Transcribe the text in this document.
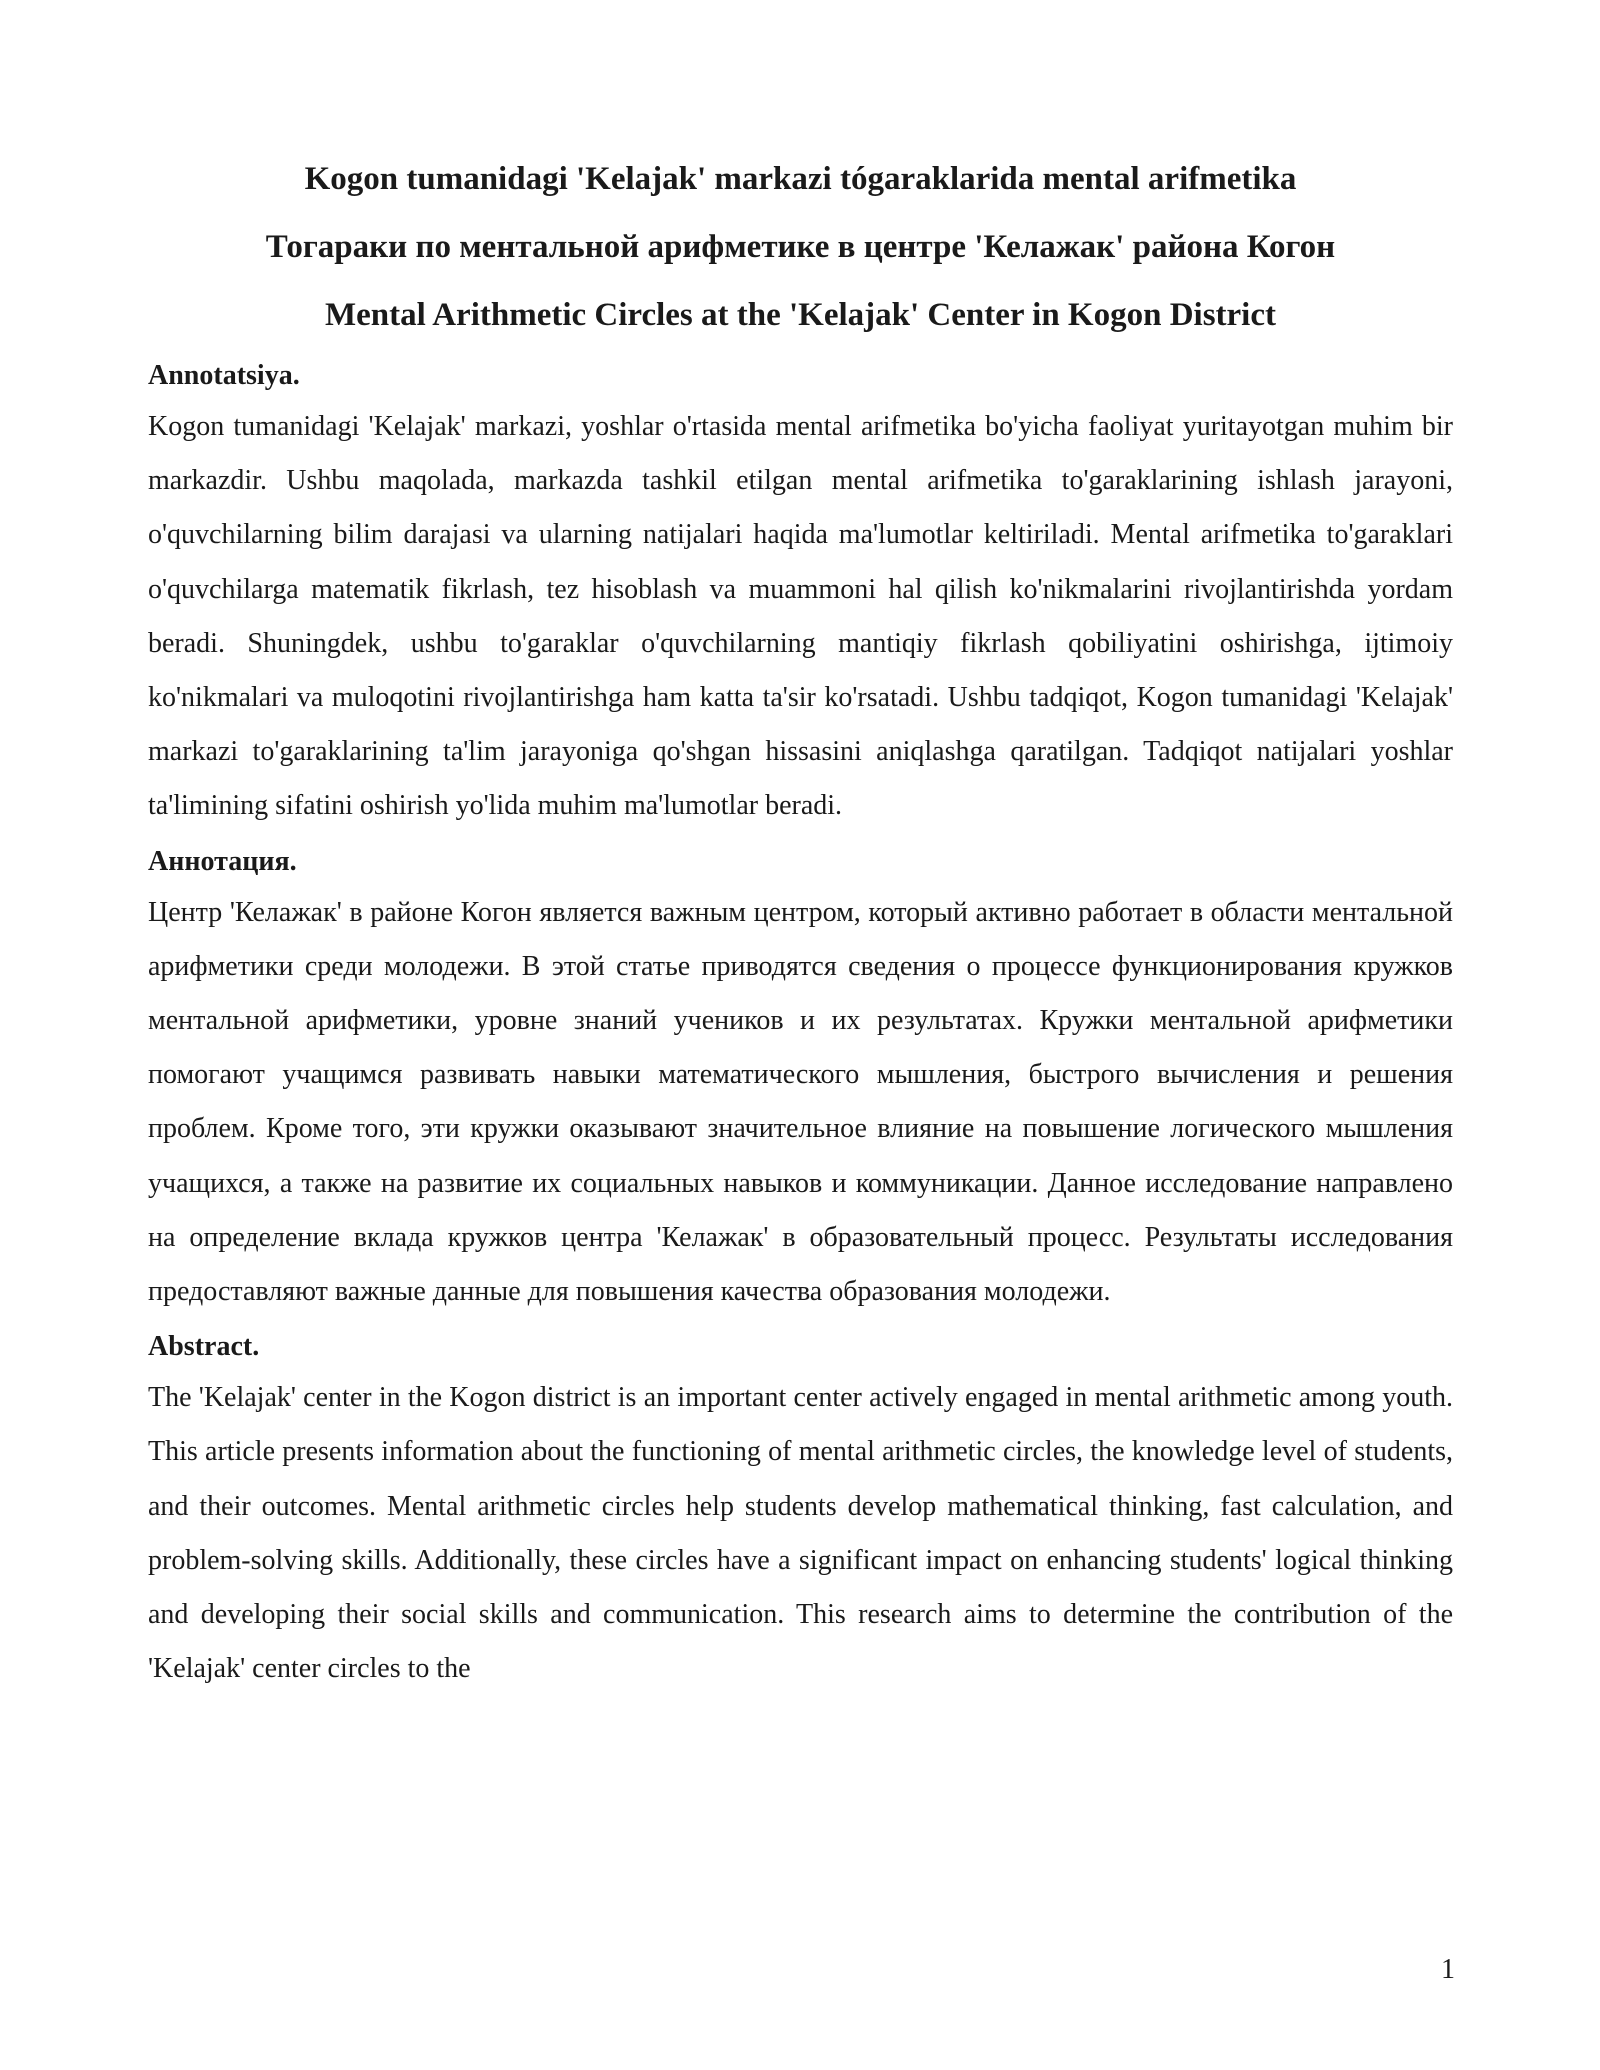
Kogon tumanidagi 'Kelajak' markazi tógaraklarida mental arifmetika

Тогараки по ментальной арифметике в центре 'Келажак' района Когон

Mental Arithmetic Circles at the 'Kelajak' Center in Kogon District

Annotatsiya.

Kogon tumanidagi 'Kelajak' markazi, yoshlar o'rtasida mental arifmetika bo'yicha faoliyat yuritayotgan muhim bir markazdir. Ushbu maqolada, markazda tashkil etilgan mental arifmetika to'garaklarining ishlash jarayoni, o'quvchilarning bilim darajasi va ularning natijalari haqida ma'lumotlar keltiriladi. Mental arifmetika to'garaklari o'quvchilarga matematik fikrlash, tez hisoblash va muammoni hal qilish ko'nikmalarini rivojlantirishda yordam beradi. Shuningdek, ushbu to'garaklar o'quvchilarning mantiqiy fikrlash qobiliyatini oshirishga, ijtimoiy ko'nikmalari va muloqotini rivojlantirishga ham katta ta'sir ko'rsatadi. Ushbu tadqiqot, Kogon tumanidagi 'Kelajak' markazi to'garaklarining ta'lim jarayoniga qo'shgan hissasini aniqlashga qaratilgan. Tadqiqot natijalari yoshlar ta'limining sifatini oshirish yo'lida muhim ma'lumotlar beradi.

Аннотация.

Центр 'Келажак' в районе Когон является важным центром, который активно работает в области ментальной арифметики среди молодежи. В этой статье приводятся сведения о процессе функционирования кружков ментальной арифметики, уровне знаний учеников и их результатах. Кружки ментальной арифметики помогают учащимся развивать навыки математического мышления, быстрого вычисления и решения проблем. Кроме того, эти кружки оказывают значительное влияние на повышение логического мышления учащихся, а также на развитие их социальных навыков и коммуникации. Данное исследование направлено на определение вклада кружков центра 'Келажак' в образовательный процесс. Результаты исследования предоставляют важные данные для повышения качества образования молодежи.

Abstract.

The 'Kelajak' center in the Kogon district is an important center actively engaged in mental arithmetic among youth. This article presents information about the functioning of mental arithmetic circles, the knowledge level of students, and their outcomes. Mental arithmetic circles help students develop mathematical thinking, fast calculation, and problem-solving skills. Additionally, these circles have a significant impact on enhancing students' logical thinking and developing their social skills and communication. This research aims to determine the contribution of the 'Kelajak' center circles to the

1
